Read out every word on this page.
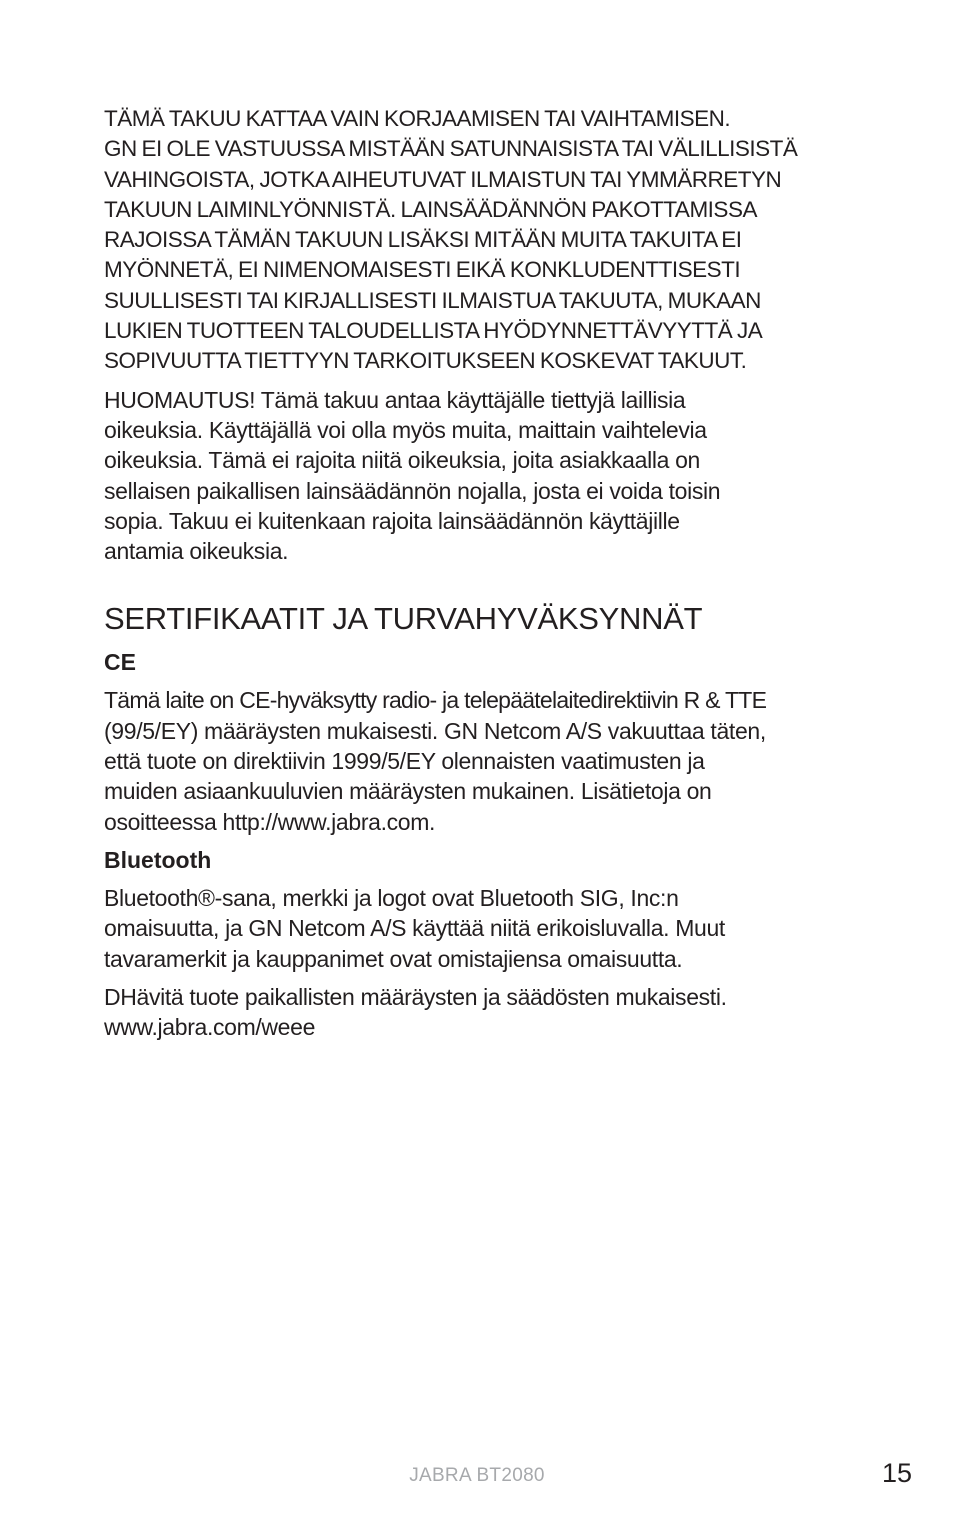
TÄMÄ TAKUU KATTAA VAIN KORJAAMISEN TAI VAIHTAMISEN.
GN EI OLE VASTUUSSA MISTÄÄN SATUNNAISISTA TAI VÄLILLISISTÄ
VAHINGOISTA, JOTKA AIHEUTUVAT ILMAISTUN TAI YMMÄRRETYN
TAKUUN LAIMINLYÖNNISTÄ. LAINSÄÄDÄNNÖN PAKOTTAMISSA
RAJOISSA TÄMÄN TAKUUN LISÄKSI MITÄÄN MUITA TAKUITA EI
MYÖNNETÄ, EI NIMENOMAISESTI EIKÄ KONKLUDENTTISESTI
SUULLISESTI TAI KIRJALLISESTI ILMAISTUA TAKUUTA, MUKAAN
LUKIEN TUOTTEEN TALOUDELLISTA HYÖDYNNETTÄVYYTTÄ JA
SOPIVUUTTA TIETTYYN TARKOITUKSEEN KOSKEVAT TAKUUT.

HUOMAUTUS! Tämä takuu antaa käyttäjälle tiettyjä laillisia
oikeuksia. Käyttäjällä voi olla myös muita, maittain vaihtelevia
oikeuksia. Tämä ei rajoita niitä oikeuksia, joita asiakkaalla on
sellaisen paikallisen lainsäädännön nojalla, josta ei voida toisin
sopia. Takuu ei kuitenkaan rajoita lainsäädännön käyttäjille
antamia oikeuksia.

SERTIFIKAATIT JA TURVAHYVÄKSYNNÄT
CE

Tämä laite on CE-hyväksytty radio- ja telepäätelaitedirektiivin R & TTE
(99/5/EY) määräysten mukaisesti. GN Netcom A/S vakuuttaa täten,
että tuote on direktiivin 1999/5/EY olennaisten vaatimusten ja
muiden asiaankuuluvien määräysten mukainen. Lisätietoja on
osoitteessa http://www.jabra.com.

Bluetooth

Bluetooth®-sana, merkki ja logot ovat Bluetooth SIG, Inc:n
omaisuutta, ja GN Netcom A/S käyttää niitä erikoisluvalla. Muut
tavaramerkit ja kauppanimet ovat omistajiensa omaisuutta.

DHävitä tuote paikallisten määräysten ja säädösten mukaisesti.
www.jabra.com/weee

JABRA BT2080	15
